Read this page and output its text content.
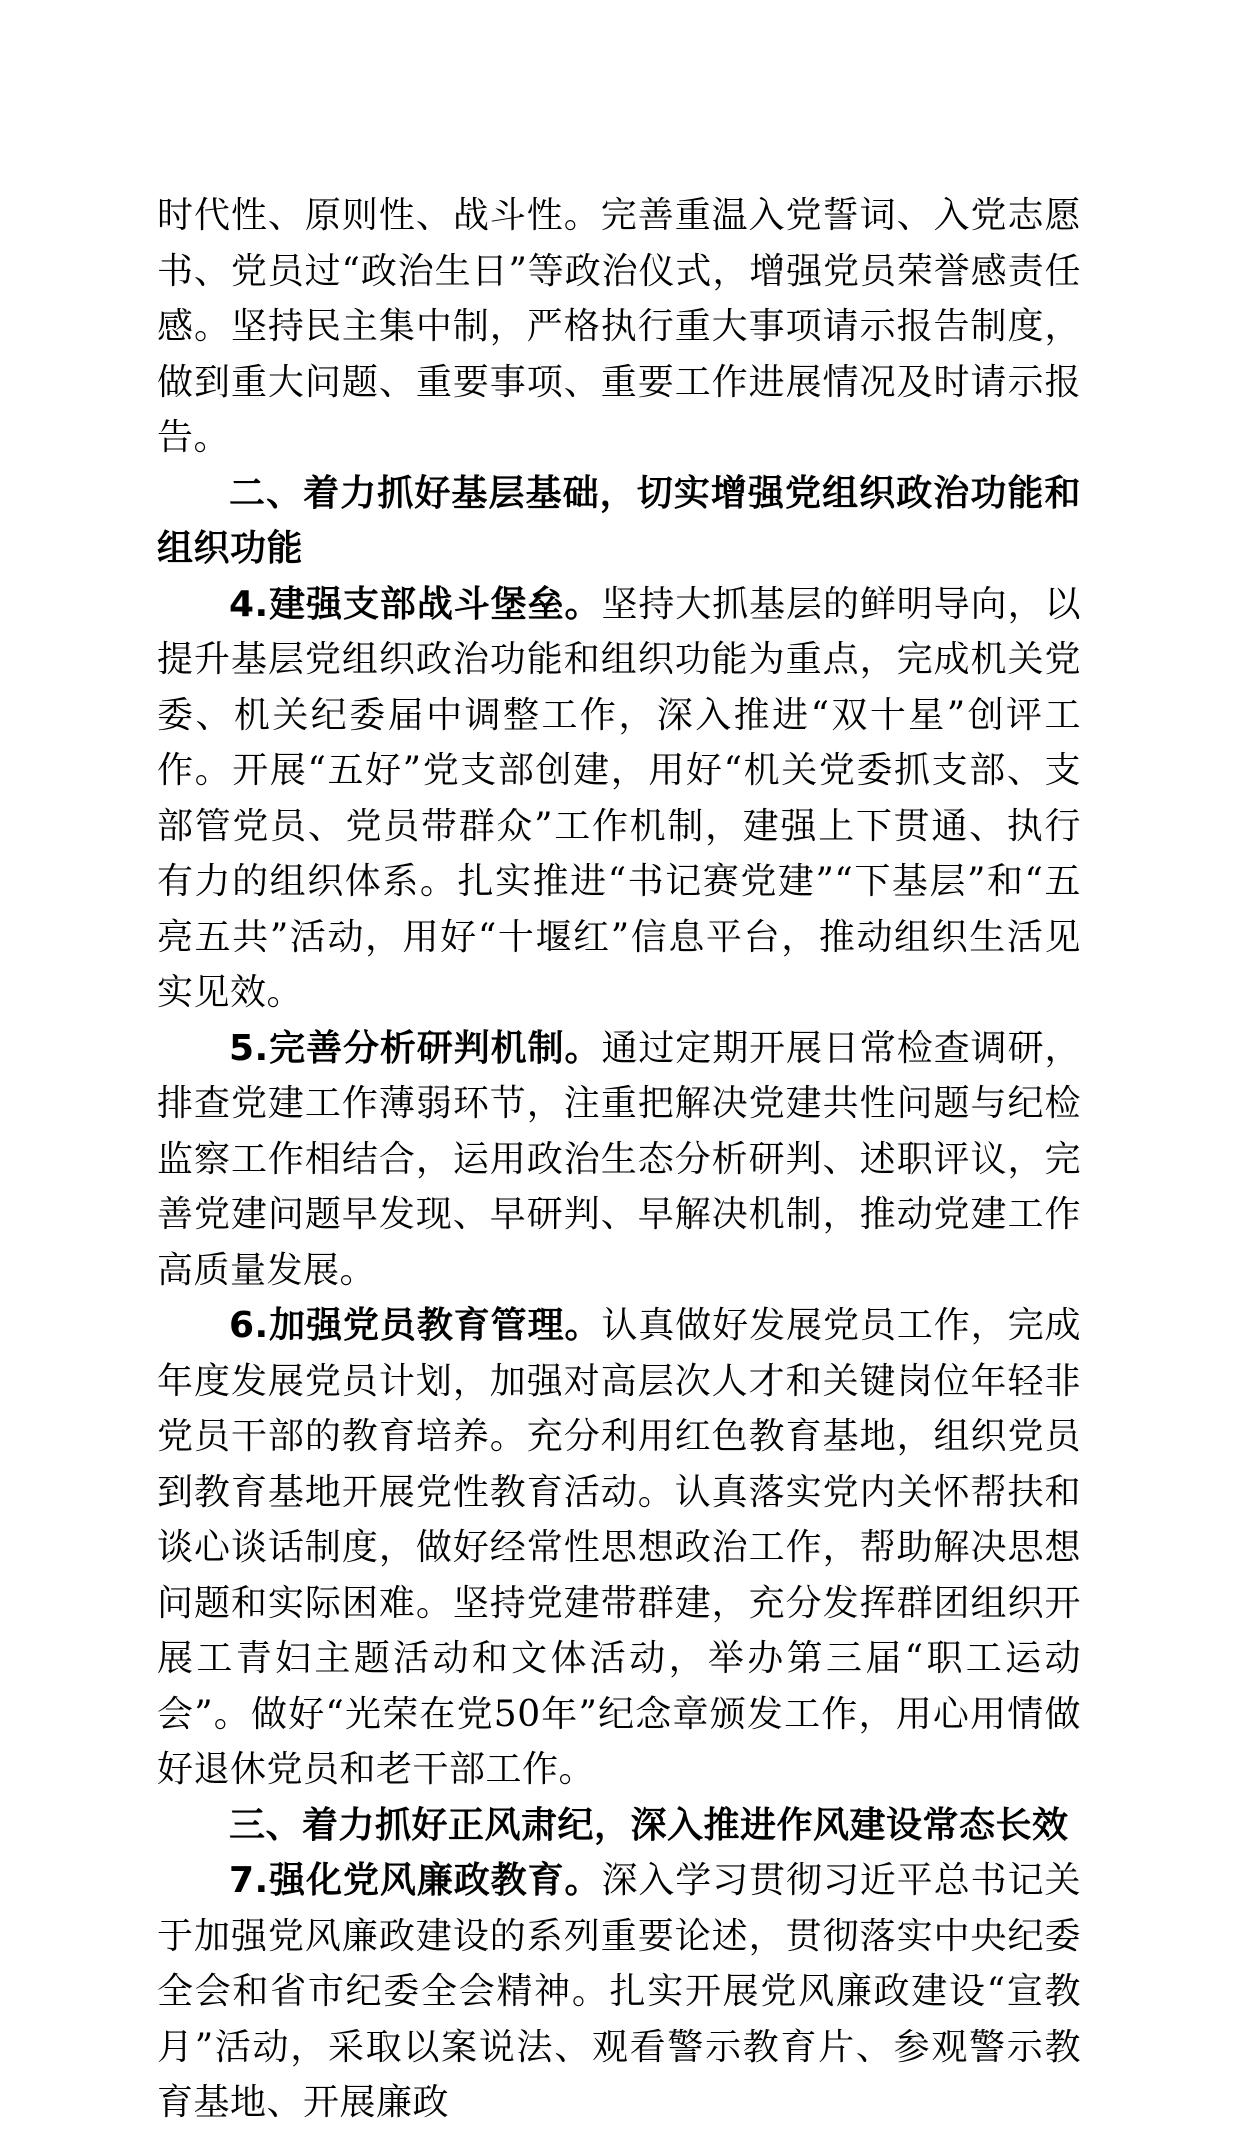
时代性、原则性、战斗性。完善重温入党誓词、入党志愿书、党员过“政治生日”等政治仪式，增强党员荣誉感责任感。坚持民主集中制，严格执行重大事项请示报告制度，做到重大问题、重要事项、重要工作进展情况及时请示报告。

二、着力抓好基层基础，切实增强党组织政治功能和组织功能

4.建强支部战斗堡垒。坚持大抓基层的鲜明导向，以提升基层党组织政治功能和组织功能为重点，完成机关党委、机关纪委届中调整工作，深入推进“双十星”创评工作。开展“五好”党支部创建，用好“机关党委抓支部、支部管党员、党员带群众”工作机制，建强上下贯通、执行有力的组织体系。扎实推进“书记赛党建”“下基层”和“五亮五共”活动，用好“十堰红”信息平台，推动组织生活见实见效。

5.完善分析研判机制。通过定期开展日常检查调研，排查党建工作薄弱环节，注重把解决党建共性问题与纪检监察工作相结合，运用政治生态分析研判、述职评议，完善党建问题早发现、早研判、早解决机制，推动党建工作高质量发展。

6.加强党员教育管理。认真做好发展党员工作，完成年度发展党员计划，加强对高层次人才和关键岗位年轻非党员干部的教育培养。充分利用红色教育基地，组织党员到教育基地开展党性教育活动。认真落实党内关怀帮扶和谈心谈话制度，做好经常性思想政治工作，帮助解决思想问题和实际困难。坚持党建带群建，充分发挥群团组织开展工青妇主题活动和文体活动，举办第三届“职工运动会”。做好“光荣在党50年”纪念章颁发工作，用心用情做好退休党员和老干部工作。

三、着力抓好正风肃纪，深入推进作风建设常态长效

7.强化党风廉政教育。深入学习贯彻习近平总书记关于加强党风廉政建设的系列重要论述，贯彻落实中央纪委全会和省市纪委全会精神。扎实开展党风廉政建设“宣教月”活动，采取以案说法、观看警示教育片、参观警示教育基地、开展廉政
